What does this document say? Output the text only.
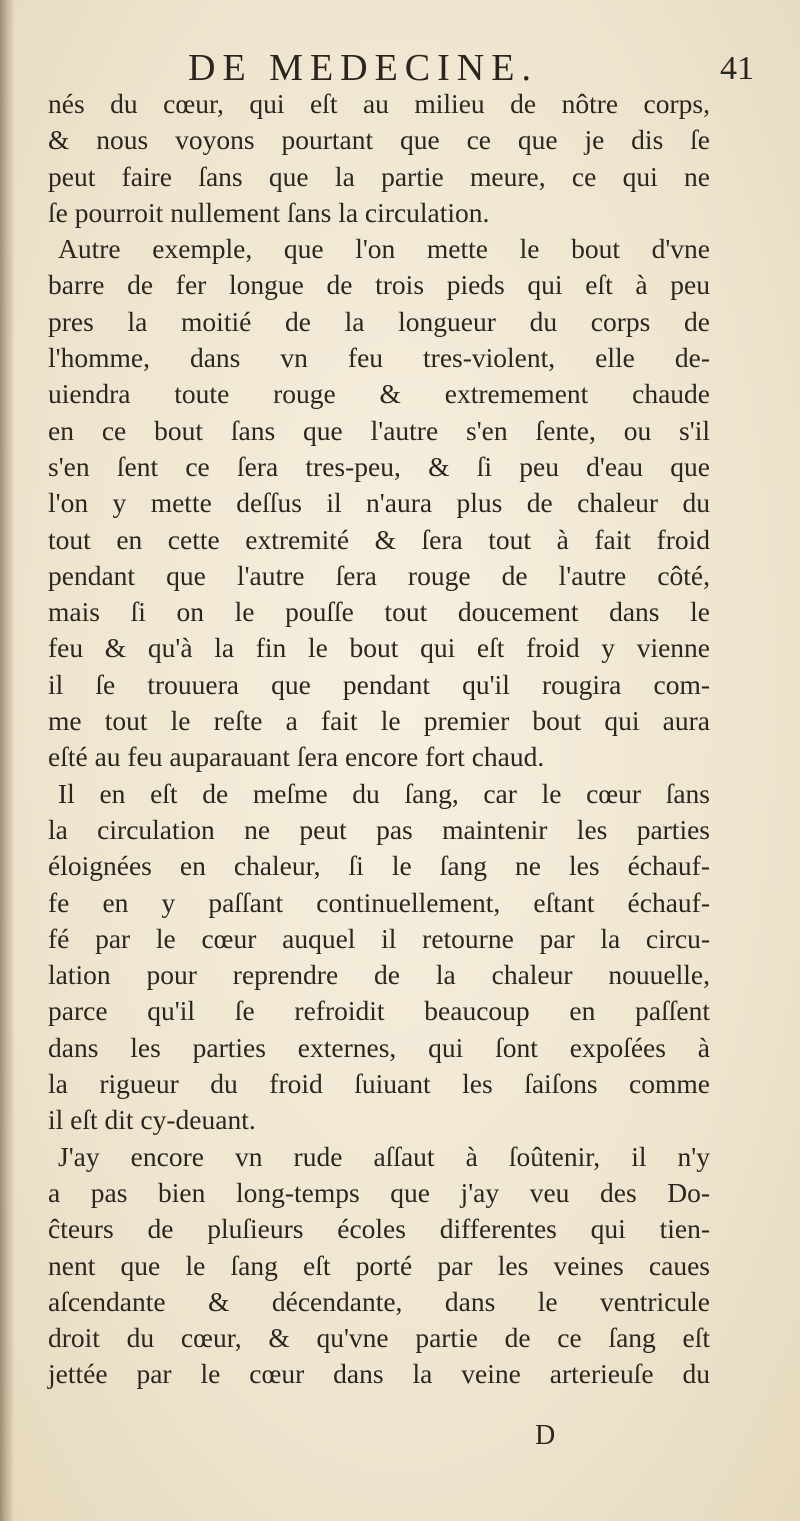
DE MEDECINE.	41
nés du cœur, qui eſt au milieu de nôtre corps,
& nous voyons pourtant que ce que je dis ſe
peut faire ſans que la partie meure, ce qui ne
ſe pourroit nullement ſans la circulation.
Autre exemple, que l'on mette le bout d'vne
barre de fer longue de trois pieds qui eſt à peu
pres la moitié de la longueur du corps de
l'homme, dans vn feu tres-violent, elle de-
uiendra toute rouge & extremement chaude
en ce bout ſans que l'autre s'en ſente, ou s'il
s'en ſent ce ſera tres-peu, & ſi peu d'eau que
l'on y mette deſſus il n'aura plus de chaleur du
tout en cette extremité & ſera tout à fait froid
pendant que l'autre ſera rouge de l'autre côté,
mais ſi on le pouſſe tout doucement dans le
feu & qu'à la fin le bout qui eſt froid y vienne
il ſe trouuera que pendant qu'il rougira com-
me tout le reſte a fait le premier bout qui aura
eſté au feu auparauant ſera encore fort chaud.
Il en eſt de meſme du ſang, car le cœur ſans
la circulation ne peut pas maintenir les parties
éloignées en chaleur, ſi le ſang ne les échauf-
fe en y paſſant continuellement, eſtant échauf-
fé par le cœur auquel il retourne par la circu-
lation pour reprendre de la chaleur nouuelle,
parce qu'il ſe refroidit beaucoup en paſſent
dans les parties externes, qui ſont expoſées à
la rigueur du froid ſuiuant les ſaiſons comme
il eſt dit cy-deuant.
J'ay encore vn rude aſſaut à ſoûtenir, il n'y
a pas bien long-temps que j'ay veu des Do-
ĉteurs de pluſieurs écoles differentes qui tien-
nent que le ſang eſt porté par les veines caues
aſcendante & décendante, dans le ventricule
droit du cœur, & qu'vne partie de ce ſang eſt
jettée par le cœur dans la veine arterieuſe du
D
